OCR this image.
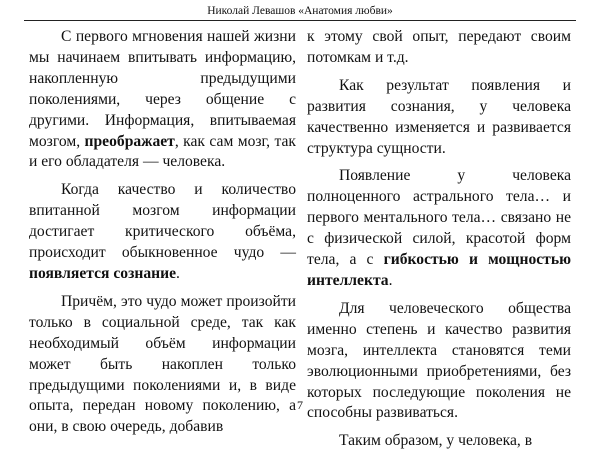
Николай Левашов «Анатомия любви»

С первого мгновения нашей жизни мы начинаем впитывать информацию, накопленную предыдущими поколениями, через общение с другими. Информация, впитываемая мозгом, преображает, как сам мозг, так и его обладателя — человека.

Когда качество и количество впитанной мозгом информации достигает критического объёма, происходит обыкновенное чудо — появляется сознание.

Причём, это чудо может произойти только в социальной среде, так как необходимый объём информации может быть накоплен только предыдущими поколениями и, в виде опыта, передан новому поколению, а они, в свою очередь, добавив

к этому свой опыт, передают своим потомкам и т.д.

Как результат появления и развития сознания, у человека качественно изменяется и развивается структура сущности.

Появление у человека полноценного астрального тела… и первого ментального тела… связано не с физической силой, красотой форм тела, а с гибкостью и мощностью интеллекта.

Для человеческого общества именно степень и качество развития мозга, интеллекта становятся теми эволюционными приобретениями, без которых последующие поколения не способны развиваться.

Таким образом, у человека, в

7
